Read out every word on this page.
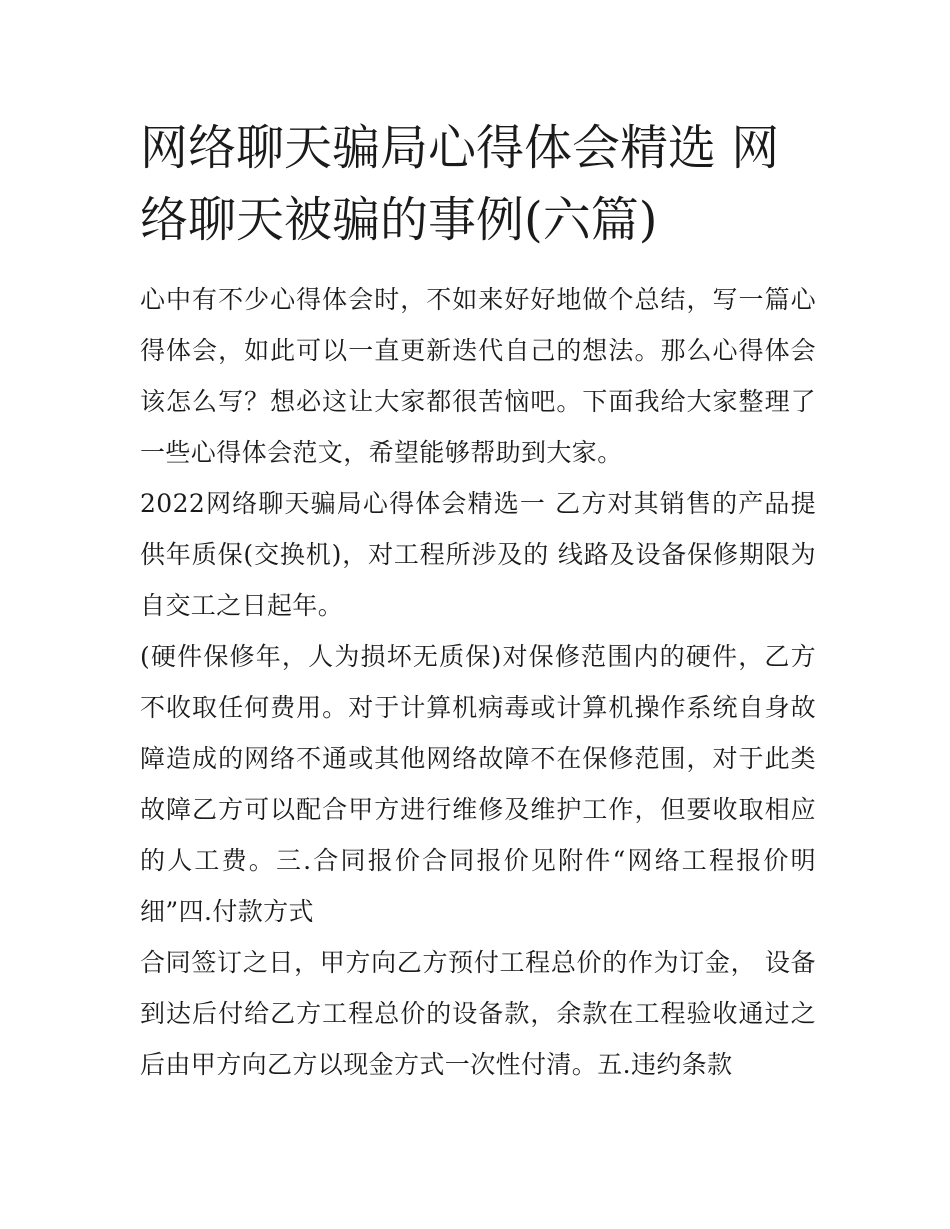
网络聊天骗局心得体会精选 网络聊天被骗的事例(六篇)

心中有不少心得体会时，不如来好好地做个总结，写一篇心得体会，如此可以一直更新迭代自己的想法。那么心得体会该怎么写？想必这让大家都很苦恼吧。下面我给大家整理了一些心得体会范文，希望能够帮助到大家。

2022网络聊天骗局心得体会精选一 乙方对其销售的产品提供年质保(交换机)，对工程所涉及的 线路及设备保修期限为自交工之日起年。

(硬件保修年，人为损坏无质保)对保修范围内的硬件，乙方不收取任何费用。对于计算机病毒或计算机操作系统自身故障造成的网络不通或其他网络故障不在保修范围，对于此类故障乙方可以配合甲方进行维修及维护工作，但要收取相应的人工费。三.合同报价合同报价见附件“网络工程报价明细”四.付款方式

合同签订之日，甲方向乙方预付工程总价的作为订金， 设备到达后付给乙方工程总价的设备款，余款在工程验收通过之后由甲方向乙方以现金方式一次性付清。五.违约条款
